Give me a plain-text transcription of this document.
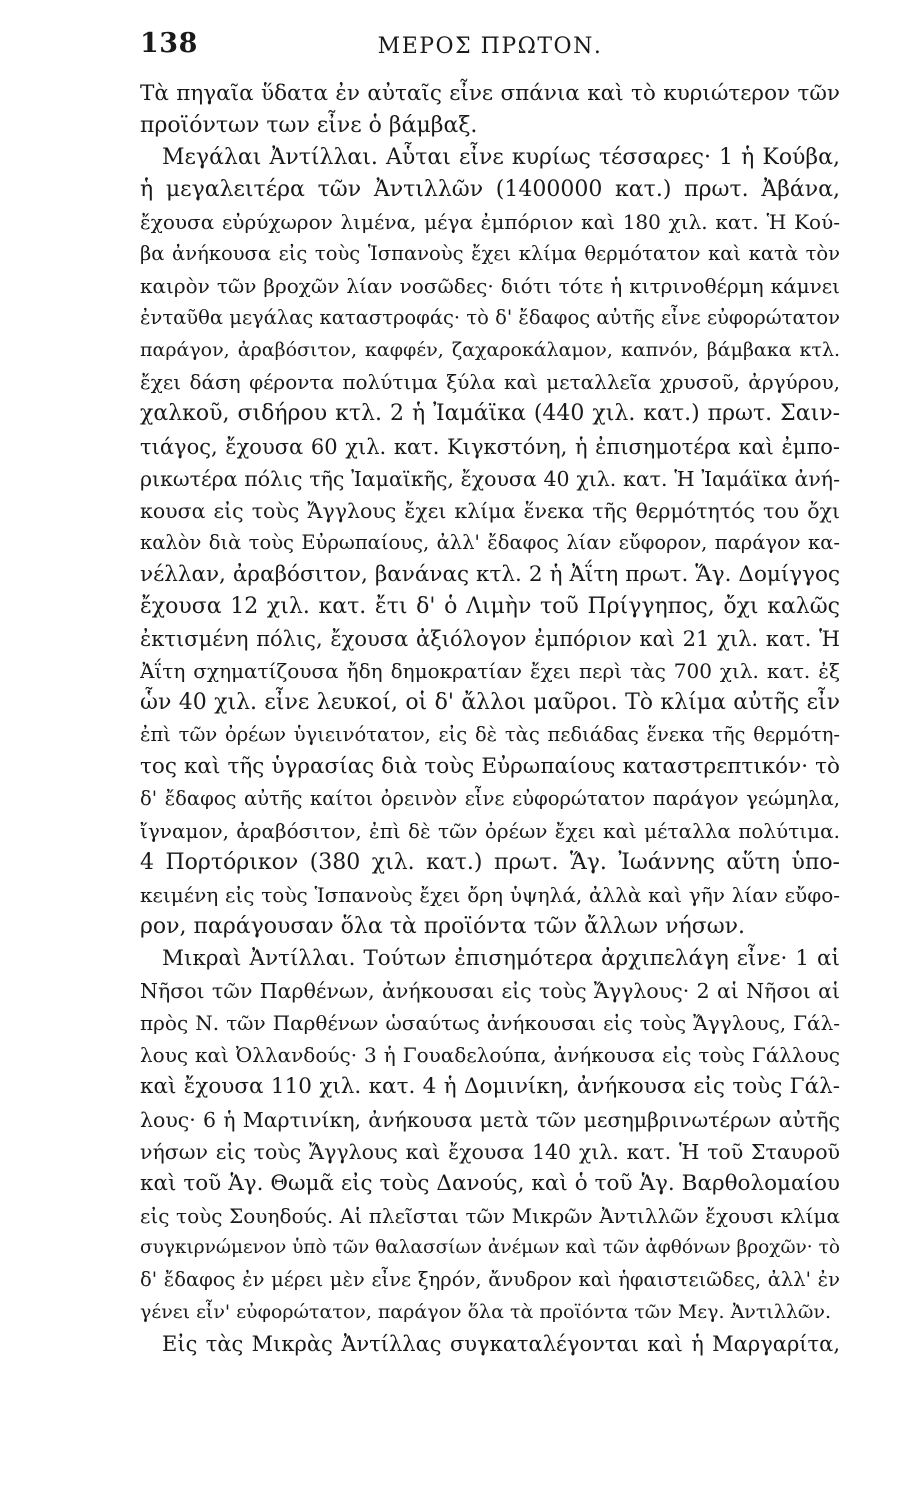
138	ΜΕΡΟΣ ΠΡΩΤΟΝ.
Τὰ πηγαῖα ὕδατα ἐν αὐταῖς εἶνε σπάνια καὶ τὸ κυριώτερον τῶν
προϊόντων των εἶνε ὁ βάμβαξ.
Μεγάλαι Ἀντίλλαι. Αὗται εἶνε κυρίως τέσσαρες· 1 ἡ Κούβα,
ἡ μεγαλειτέρα τῶν Ἀντιλλῶν (1400000 κατ.) πρωτ. Ἀβάνα,
ἔχουσα εὐρύχωρον λιμένα, μέγα ἐμπόριον καὶ 180 χιλ. κατ. Ἡ Κού-
βα ἀνήκουσα εἰς τοὺς Ἱσπανοὺς ἔχει κλίμα θερμότατον καὶ κατὰ τὸν
καιρὸν τῶν βροχῶν λίαν νοσῶδες· διότι τότε ἡ κιτρινοθέρμη κάμνει
ἐνταῦθα μεγάλας καταστροφάς· τὸ δ' ἔδαφος αὐτῆς εἶνε εὐφορώτατον
παράγον, ἀραβόσιτον, καφφέν, ζαχαροκάλαμον, καπνόν, βάμβακα κτλ.
ἔχει δάση φέροντα πολύτιμα ξύλα καὶ μεταλλεῖα χρυσοῦ, ἀργύρου,
χαλκοῦ, σιδήρου κτλ. 2 ἡ Ἰαμάϊκα (440 χιλ. κατ.) πρωτ. Σαιν-
τιάγος, ἔχουσα 60 χιλ. κατ. Κιγκστόνη, ἡ ἐπισημοτέρα καὶ ἐμπο-
ρικωτέρα πόλις τῆς Ἰαμαϊκῆς, ἔχουσα 40 χιλ. κατ. Ἡ Ἰαμάϊκα ἀνή-
κουσα εἰς τοὺς Ἄγγλους ἔχει κλίμα ἕνεκα τῆς θερμότητός του ὄχι
καλὸν διὰ τοὺς Εὐρωπαίους, ἀλλ' ἔδαφος λίαν εὔφορον, παράγον κα-
νέλλαν, ἀραβόσιτον, βανάνας κτλ. 2 ἡ Ἀΐτη πρωτ. Ἅγ. Δομίγγος
ἔχουσα 12 χιλ. κατ. ἔτι δ' ὁ Λιμὴν τοῦ Πρίγγηπος, ὄχι καλῶς
ἐκτισμένη πόλις, ἔχουσα ἀξιόλογον ἐμπόριον καὶ 21 χιλ. κατ. Ἡ
Ἀΐτη σχηματίζουσα ἤδη δημοκρατίαν ἔχει περὶ τὰς 700 χιλ. κατ. ἐξ
ὧν 40 χιλ. εἶνε λευκοί, οἱ δ' ἄλλοι μαῦροι. Τὸ κλίμα αὐτῆς εἶν
ἐπὶ τῶν ὀρέων ὑγιεινότατον, εἰς δὲ τὰς πεδιάδας ἕνεκα τῆς θερμότη-
τος καὶ τῆς ὑγρασίας διὰ τοὺς Εὐρωπαίους καταστρεπτικόν· τὸ
δ' ἔδαφος αὐτῆς καίτοι ὀρεινὸν εἶνε εὐφορώτατον παράγον γεώμηλα,
ἴγναμον, ἀραβόσιτον, ἐπὶ δὲ τῶν ὀρέων ἔχει καὶ μέταλλα πολύτιμα.
4 Πορτόρικον (380 χιλ. κατ.) πρωτ. Ἅγ. Ἰωάννης αὕτη ὑπο-
κειμένη εἰς τοὺς Ἱσπανοὺς ἔχει ὄρη ὑψηλά, ἀλλὰ καὶ γῆν λίαν εὔφο-
ρον, παράγουσαν ὅλα τὰ προϊόντα τῶν ἄλλων νήσων.
Μικραὶ Ἀντίλλαι. Τούτων ἐπισημότερα ἀρχιπελάγη εἶνε· 1 αἱ
Νῆσοι τῶν Παρθένων, ἀνήκουσαι εἰς τοὺς Ἄγγλους· 2 αἱ Νῆσοι αἱ
πρὸς Ν. τῶν Παρθένων ὡσαύτως ἀνήκουσαι εἰς τοὺς Ἄγγλους, Γάλ-
λους καὶ Ὀλλανδούς· 3 ἡ Γουαδελούπα, ἀνήκουσα εἰς τοὺς Γάλλους
καὶ ἔχουσα 110 χιλ. κατ. 4 ἡ Δομινίκη, ἀνήκουσα εἰς τοὺς Γάλ-
λους· 6 ἡ Μαρτινίκη, ἀνήκουσα μετὰ τῶν μεσημβρινωτέρων αὐτῆς
νήσων εἰς τοὺς Ἄγγλους καὶ ἔχουσα 140 χιλ. κατ. Ἡ τοῦ Σταυροῦ
καὶ τοῦ Ἁγ. Θωμᾶ εἰς τοὺς Δανούς, καὶ ὁ τοῦ Ἁγ. Βαρθολομαίου
εἰς τοὺς Σουηδούς. Αἱ πλεῖσται τῶν Μικρῶν Ἀντιλλῶν ἔχουσι κλίμα
συγκιρνώμενον ὑπὸ τῶν θαλασσίων ἀνέμων καὶ τῶν ἀφθόνων βροχῶν· τὸ
δ' ἔδαφος ἐν μέρει μὲν εἶνε ξηρόν, ἄνυδρον καὶ ἡφαιστειῶδες, ἀλλ' ἐν
γένει εἶν' εὐφορώτατον, παράγον ὅλα τὰ προϊόντα τῶν Μεγ. Ἀντιλλῶν.
Εἰς τὰς Μικρὰς Ἀντίλλας συγκαταλέγονται καὶ ἡ Μαργαρίτα,
